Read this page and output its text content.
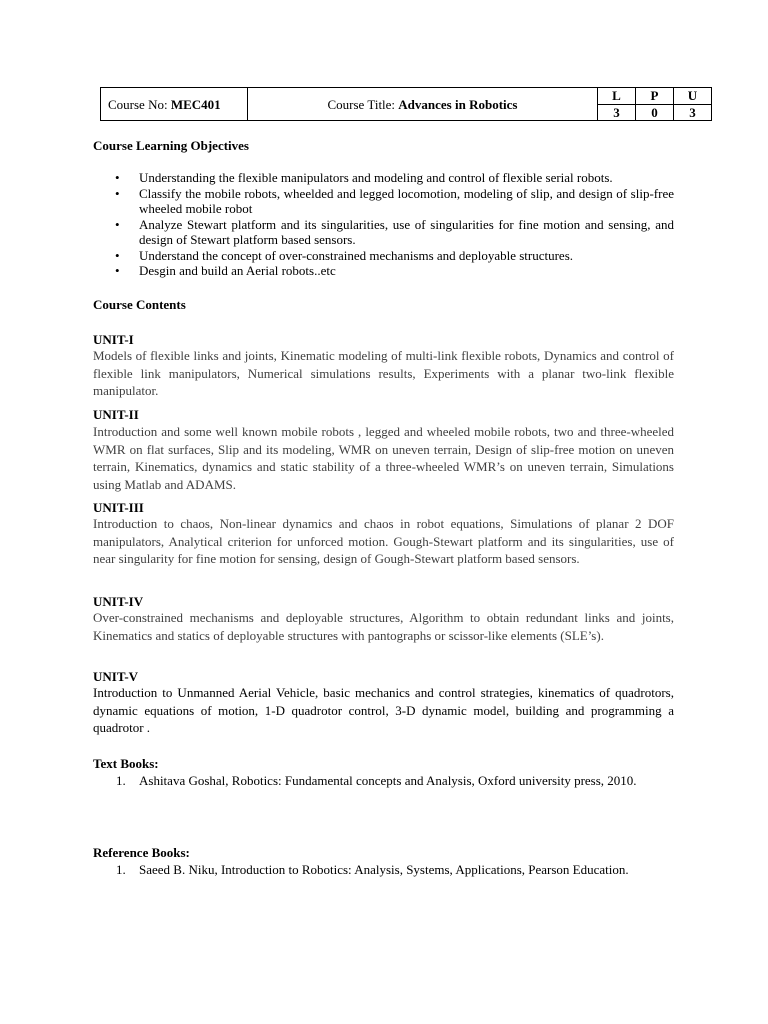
Course No: MEC401	Course Title: Advances in Robotics	L	P	U
		3	0	3
Course Learning Objectives
• Understanding the flexible manipulators and modeling and control of flexible serial robots.
• Classify the mobile robots, wheelded and legged locomotion, modeling of slip, and design of slip-free wheeled mobile robot
• Analyze Stewart platform and its singularities, use of singularities for fine motion and sensing, and design of Stewart platform based sensors.
• Understand the concept of over-constrained mechanisms and deployable structures.
• Desgin and build an Aerial robots..etc
Course Contents
UNIT-I
Models of flexible links and joints, Kinematic modeling of multi-link flexible robots, Dynamics and control of flexible link manipulators, Numerical simulations results, Experiments with a planar two-link flexible manipulator.
UNIT-II
Introduction and some well known mobile robots , legged and wheeled mobile robots, two and three-wheeled WMR on flat surfaces, Slip and its modeling, WMR on uneven terrain, Design of slip-free motion on uneven terrain, Kinematics, dynamics and static stability of a three-wheeled WMR’s on uneven terrain, Simulations using Matlab and ADAMS.
UNIT-III
Introduction to chaos, Non-linear dynamics and chaos in robot equations, Simulations of planar 2 DOF manipulators, Analytical criterion for unforced motion. Gough-Stewart platform and its singularities, use of near singularity for fine motion for sensing, design of Gough-Stewart platform based sensors.
UNIT-IV
Over-constrained mechanisms and deployable structures, Algorithm to obtain redundant links and joints, Kinematics and statics of deployable structures with pantographs or scissor-like elements (SLE’s).
UNIT-V
Introduction to Unmanned Aerial Vehicle, basic mechanics and control strategies, kinematics of quadrotors, dynamic equations of motion, 1-D quadrotor control, 3-D dynamic model, building and programming a quadrotor .
Text Books:
1.	Ashitava Goshal, Robotics: Fundamental concepts and Analysis, Oxford university press, 2010.
Reference Books:
1.	Saeed B. Niku, Introduction to Robotics: Analysis, Systems, Applications, Pearson Education.
